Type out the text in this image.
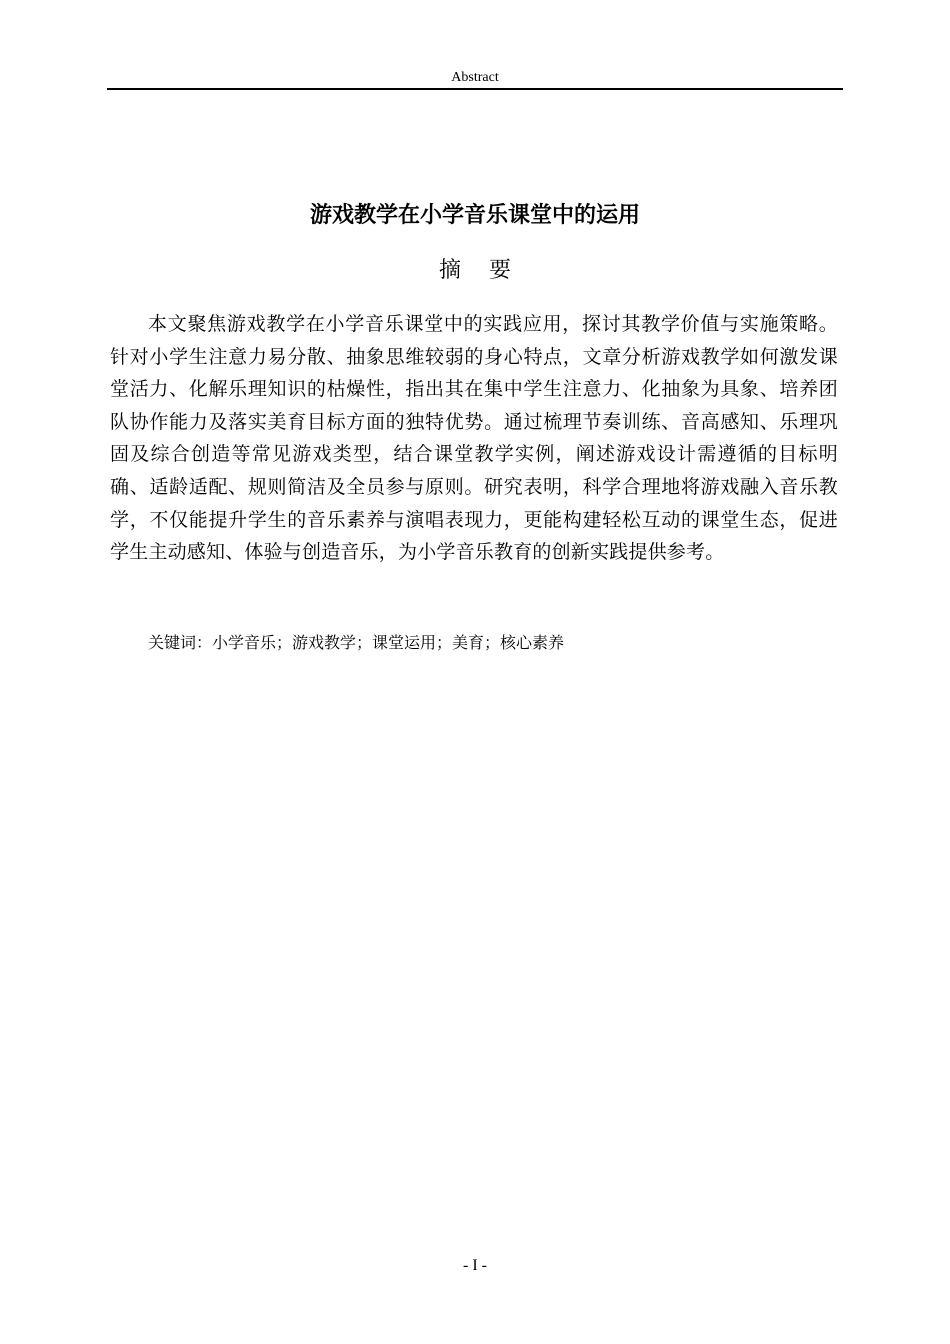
Abstract
游戏教学在小学音乐课堂中的运用
摘要

本文聚焦游戏教学在小学音乐课堂中的实践应用，探讨其教学价值与实施策略。针对小学生注意力易分散、抽象思维较弱的身心特点，文章分析游戏教学如何激发课堂活力、化解乐理知识的枯燥性，指出其在集中学生注意力、化抽象为具象、培养团队协作能力及落实美育目标方面的独特优势。通过梳理节奏训练、音高感知、乐理巩固及综合创造等常见游戏类型，结合课堂教学实例，阐述游戏设计需遵循的目标明确、适龄适配、规则简洁及全员参与原则。研究表明，科学合理地将游戏融入音乐教学，不仅能提升学生的音乐素养与演唱表现力，更能构建轻松互动的课堂生态，促进学生主动感知、体验与创造音乐，为小学音乐教育的创新实践提供参考。

关键词：小学音乐；游戏教学；课堂运用；美育；核心素养
- I -
